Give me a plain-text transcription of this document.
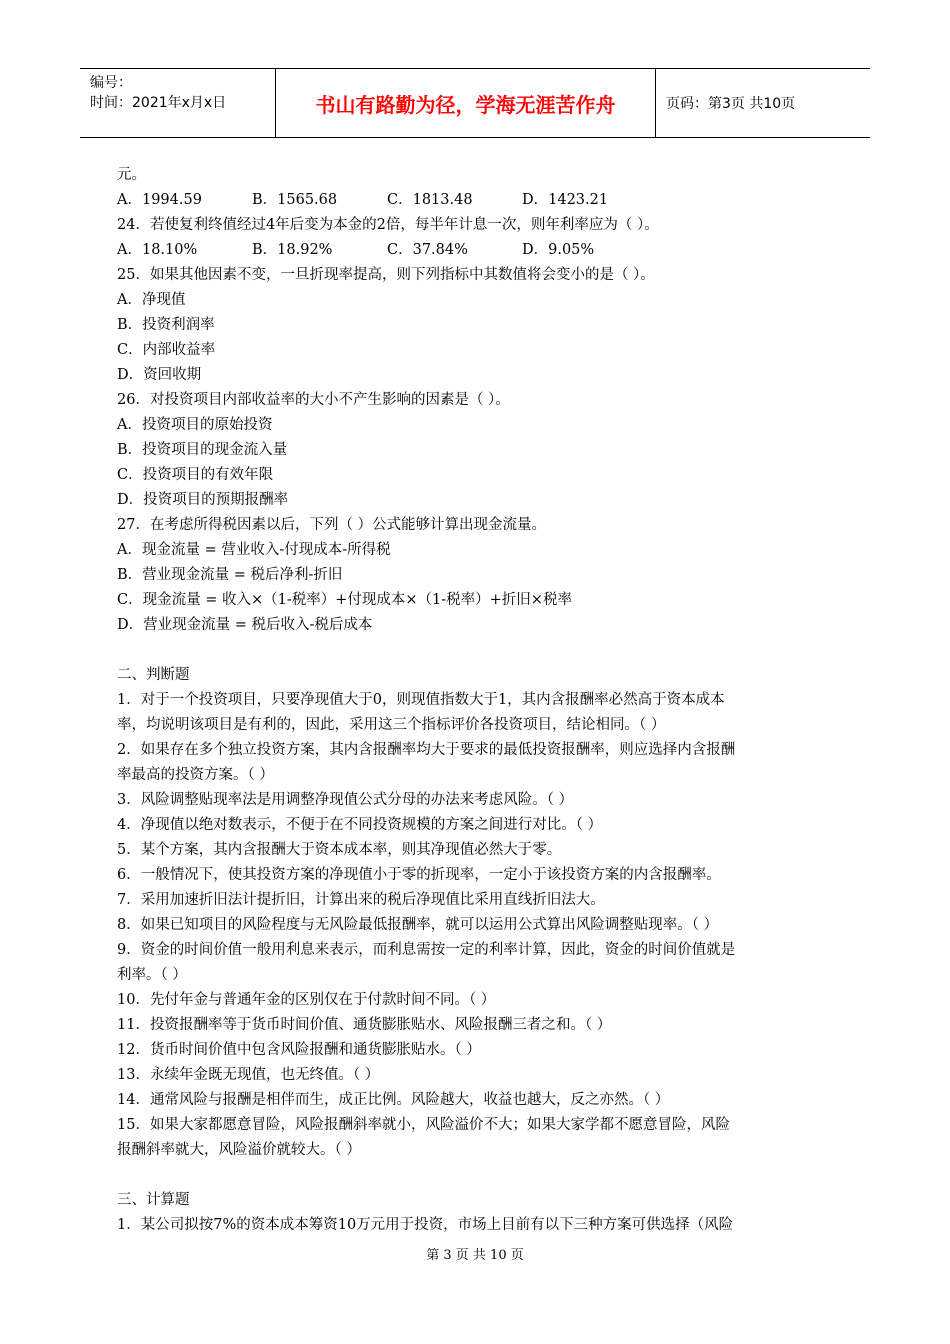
编号：
时间：2021年x月x日	书山有路勤为径，学海无涯苦作舟	页码：第3页 共10页
元。
A．1994.59	B．1565.68	C．1813.48	D．1423.21
24．若使复利终值经过4年后变为本金的2倍，每半年计息一次，则年利率应为（ ）。
A．18.10%	B．18.92%	C．37.84%	D．9.05%
25．如果其他因素不变，一旦折现率提高，则下列指标中其数值将会变小的是（ ）。
A．净现值
B．投资利润率
C．内部收益率
D．资回收期
26．对投资项目内部收益率的大小不产生影响的因素是（ ）。
A．投资项目的原始投资
B．投资项目的现金流入量
C．投资项目的有效年限
D．投资项目的预期报酬率
27．在考虑所得税因素以后，下列（ ）公式能够计算出现金流量。
A．现金流量 = 营业收入-付现成本-所得税
B．营业现金流量 = 税后净利-折旧
C．现金流量 = 收入×（1-税率）+付现成本×（1-税率）+折旧×税率
D．营业现金流量 = 税后收入-税后成本
二、判断题
1．对于一个投资项目，只要净现值大于0，则现值指数大于1，其内含报酬率必然高于资本成本
率，均说明该项目是有利的，因此，采用这三个指标评价各投资项目，结论相同。（ ）
2．如果存在多个独立投资方案，其内含报酬率均大于要求的最低投资报酬率，则应选择内含报酬
率最高的投资方案。（ ）
3．风险调整贴现率法是用调整净现值公式分母的办法来考虑风险。（ ）
4．净现值以绝对数表示，不便于在不同投资规模的方案之间进行对比。（ ）
5．某个方案，其内含报酬大于资本成本率，则其净现值必然大于零。
6．一般情况下，使其投资方案的净现值小于零的折现率，一定小于该投资方案的内含报酬率。
7．采用加速折旧法计提折旧，计算出来的税后净现值比采用直线折旧法大。
8．如果已知项目的风险程度与无风险最低报酬率，就可以运用公式算出风险调整贴现率。（ ）
9．资金的时间价值一般用利息来表示，而利息需按一定的利率计算，因此，资金的时间价值就是
利率。（ ）
10．先付年金与普通年金的区别仅在于付款时间不同。（ ）
11．投资报酬率等于货币时间价值、通货膨胀贴水、风险报酬三者之和。（ ）
12．货币时间价值中包含风险报酬和通货膨胀贴水。（ ）
13．永续年金既无现值，也无终值。（ ）
14．通常风险与报酬是相伴而生，成正比例。风险越大，收益也越大，反之亦然。（ ）
15．如果大家都愿意冒险，风险报酬斜率就小，风险溢价不大；如果大家学都不愿意冒险，风险
报酬斜率就大，风险溢价就较大。（ ）
三、计算题
1．某公司拟按7%的资本成本筹资10万元用于投资，市场上目前有以下三种方案可供选择（风险
第 3 页 共 10 页
